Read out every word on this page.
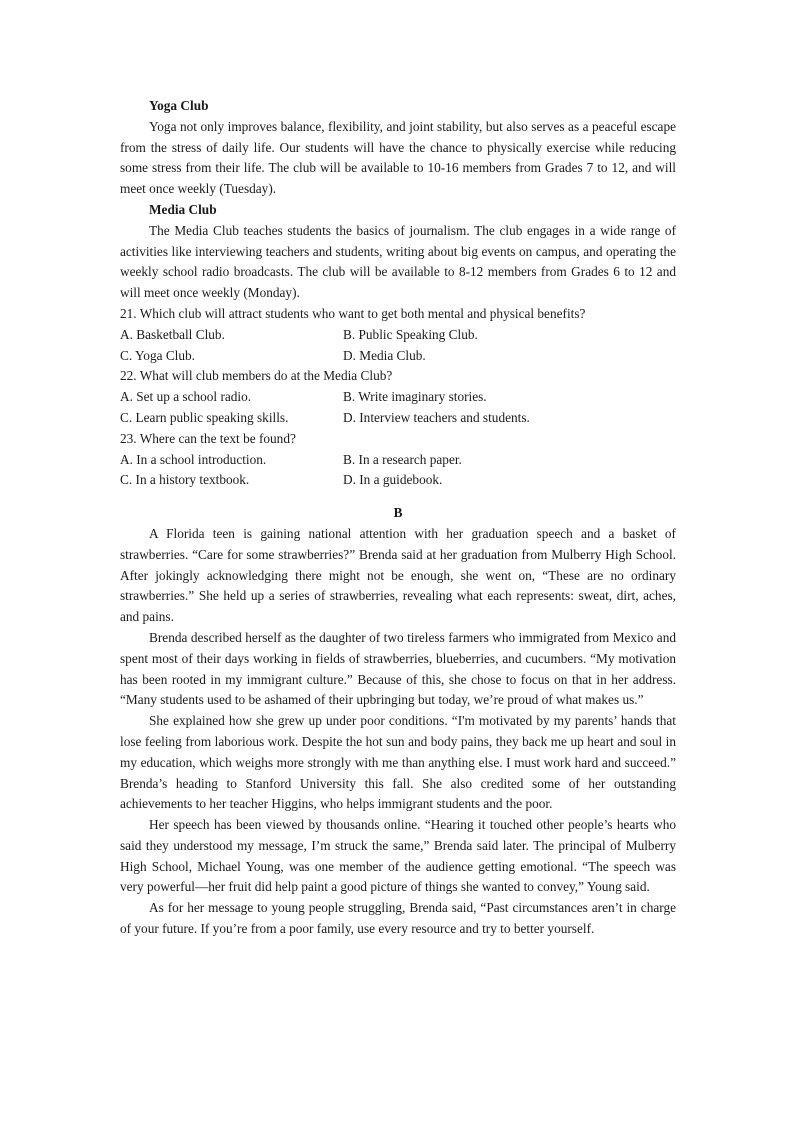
Yoga Club

Yoga not only improves balance, flexibility, and joint stability, but also serves as a peaceful escape from the stress of daily life. Our students will have the chance to physically exercise while reducing some stress from their life. The club will be available to 10-16 members from Grades 7 to 12, and will meet once weekly (Tuesday).

Media Club

The Media Club teaches students the basics of journalism. The club engages in a wide range of activities like interviewing teachers and students, writing about big events on campus, and operating the weekly school radio broadcasts. The club will be available to 8-12 members from Grades 6 to 12 and will meet once weekly (Monday).

21. Which club will attract students who want to get both mental and physical benefits?

A. Basketball Club.	B. Public Speaking Club.
C. Yoga Club.	D. Media Club.

22. What will club members do at the Media Club?

A. Set up a school radio.	B. Write imaginary stories.
C. Learn public speaking skills.	D. Interview teachers and students.

23. Where can the text be found?

A. In a school introduction.	B. In a research paper.
C. In a history textbook.	D. In a guidebook.

B

A Florida teen is gaining national attention with her graduation speech and a basket of strawberries. “Care for some strawberries?” Brenda said at her graduation from Mulberry High School. After jokingly acknowledging there might not be enough, she went on, “These are no ordinary strawberries.” She held up a series of strawberries, revealing what each represents: sweat, dirt, aches, and pains.

Brenda described herself as the daughter of two tireless farmers who immigrated from Mexico and spent most of their days working in fields of strawberries, blueberries, and cucumbers. “My motivation has been rooted in my immigrant culture.” Because of this, she chose to focus on that in her address. “Many students used to be ashamed of their upbringing but today, we’re proud of what makes us.”

She explained how she grew up under poor conditions. “I'm motivated by my parents’ hands that lose feeling from laborious work. Despite the hot sun and body pains, they back me up heart and soul in my education, which weighs more strongly with me than anything else. I must work hard and succeed.” Brenda’s heading to Stanford University this fall. She also credited some of her outstanding achievements to her teacher Higgins, who helps immigrant students and the poor.

Her speech has been viewed by thousands online. “Hearing it touched other people’s hearts who said they understood my message, I’m struck the same,” Brenda said later. The principal of Mulberry High School, Michael Young, was one member of the audience getting emotional. “The speech was very powerful—her fruit did help paint a good picture of things she wanted to convey,” Young said.

As for her message to young people struggling, Brenda said, “Past circumstances aren’t in charge of your future. If you’re from a poor family, use every resource and try to better yourself.
